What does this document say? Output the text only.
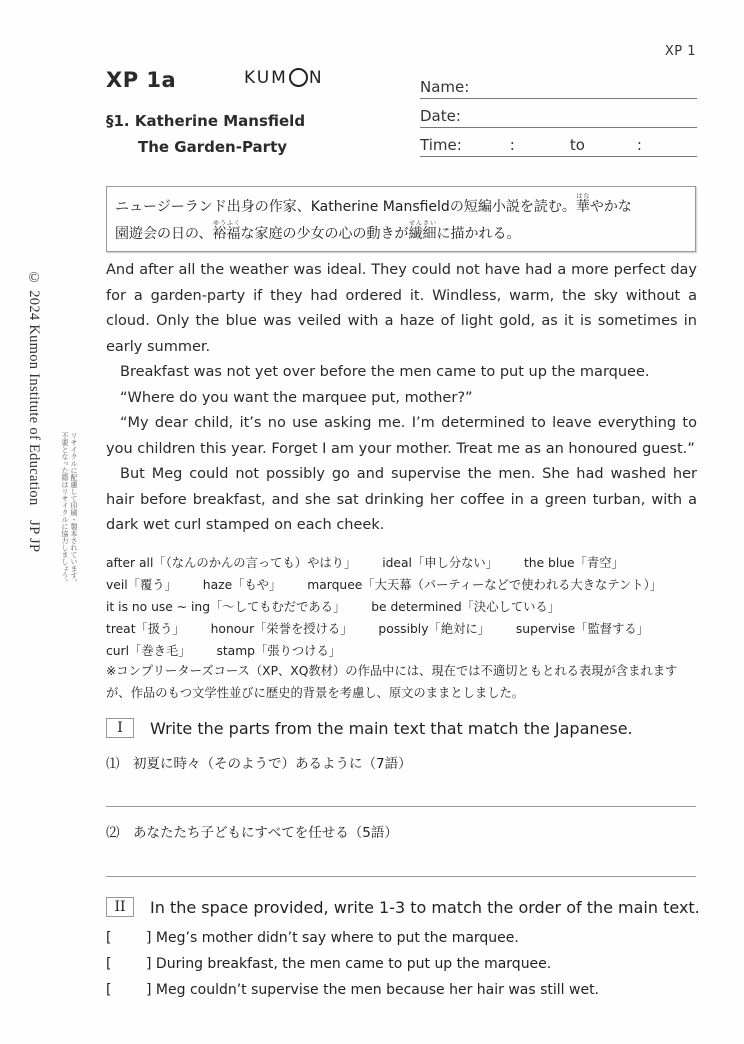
XP 1
XP 1a	KUM N
§1. Katherine Mansfield
The Garden-Party
Name:
Date:
Time:	:	to	:
ニュージーランド出身の作家、Katherine Mansfieldの短編小説を読む。華はなやかな
園遊会の日の、裕福ゆうふくな家庭の少女の心の動きが繊細せんさいに描かれる。

And after all the weather was ideal. They could not have had a more perfect day for a garden-party if they had ordered it. Windless, warm, the sky without a cloud. Only the blue was veiled with a haze of light gold, as it is sometimes in early summer.

Breakfast was not yet over before the men came to put up the marquee.

“Where do you want the marquee put, mother?”

“My dear child, it’s no use asking me. I’m determined to leave everything to you children this year. Forget I am your mother. Treat me as an honoured guest.”

But Meg could not possibly go and supervise the men. She had washed her hair before breakfast, and she sat drinking her coffee in a green turban, with a dark wet curl stamped on each cheek.

after all「（なんのかんの言っても）やはり」 ideal「申し分ない」 the blue「青空」
veil「覆う」 haze「もや」 marquee「大天幕（パーティーなどで使われる大きなテント）」
it is no use ~ ing「～してもむだである」 be determined「決心している」
treat「扱う」 honour「栄誉を授ける」 possibly「絶対に」 supervise「監督する」
curl「巻き毛」 stamp「張りつける」
※コンプリーターズコース（XP、XQ教材）の作品中には、現在では不適切ともとれる表現が含まれますが、作品のもつ文学性並びに歴史的背景を考慮し、原文のままとしました。
I	Write the parts from the main text that match the Japanese.
⑴　初夏に時々（そのようで）あるように（7語）
⑵　あなたたち子どもにすべてを任せる（5語）
II	In the space provided, write 1-3 to match the order of the main text.
[	]
Meg’s mother didn’t say where to put the marquee.
[	]
During breakfast, the men came to put up the marquee.
[	]
Meg couldn’t supervise the men because her hair was still wet.
© 2024 Kumon Institute of Education　JP JP	リサイクルに配慮して印刷・製本されています。
不要となった際はリサイクルに協力しましょう。
